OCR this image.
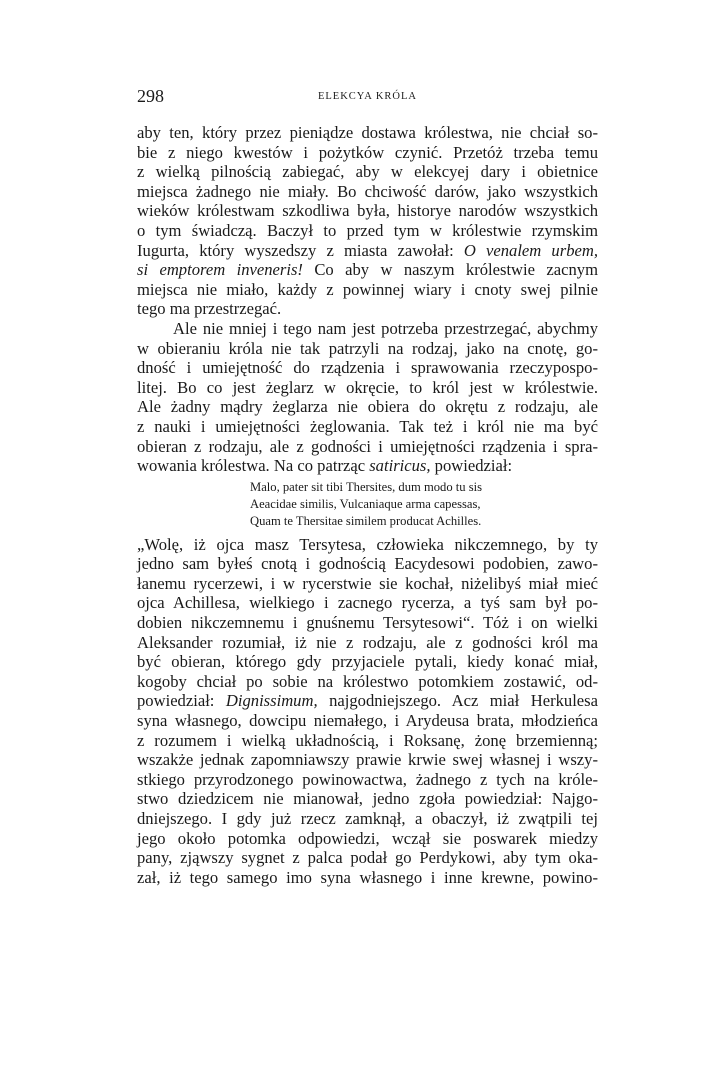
298	ELEKCYA KRÓLA
aby ten, który przez pieniądze dostawa królestwa, nie chciał so-
bie z niego kwestów i pożytków czynić. Przetóż trzeba temu
z wielką pilnością zabiegać, aby w elekcyej dary i obietnice
miejsca żadnego nie miały. Bo chciwość darów, jako wszystkich
wieków królestwam szkodliwa była, historye narodów wszystkich
o tym świadczą. Baczył to przed tym w królestwie rzymskim
Iugurta, który wyszedszy z miasta zawołał: O venalem urbem,
si emptorem inveneris! Co aby w naszym królestwie zacnym
miejsca nie miało, każdy z powinnej wiary i cnoty swej pilnie
tego ma przestrzegać.
Ale nie mniej i tego nam jest potrzeba przestrzegać, abychmy
w obieraniu króla nie tak patrzyli na rodzaj, jako na cnotę, go-
dność i umiejętność do rządzenia i sprawowania rzeczypospo-
litej. Bo co jest żeglarz w okręcie, to król jest w królestwie.
Ale żadny mądry żeglarza nie obiera do okrętu z rodzaju, ale
z nauki i umiejętności żeglowania. Tak też i król nie ma być
obieran z rodzaju, ale z godności i umiejętności rządzenia i spra-
wowania królestwa. Na co patrząc satiricus, powiedział:
Malo, pater sit tibi Thersites, dum modo tu sis
Aeacidae similis, Vulcaniaque arma capessas,
Quam te Thersitae similem producat Achilles.
„Wolę, iż ojca masz Tersytesa, człowieka nikczemnego, by ty
jedno sam byłeś cnotą i godnością Eacydesowi podobien, zawo-
łanemu rycerzewi, i w rycerstwie sie kochał, niżelibyś miał mieć
ojca Achillesa, wielkiego i zacnego rycerza, a tyś sam był po-
dobien nikczemnemu i gnuśnemu Tersytesowi“. Tóż i on wielki
Aleksander rozumiał, iż nie z rodzaju, ale z godności król ma
być obieran, którego gdy przyjaciele pytali, kiedy konać miał,
kogoby chciał po sobie na królestwo potomkiem zostawić, od-
powiedział: Dignissimum, najgodniejszego. Acz miał Herkulesa
syna własnego, dowcipu niemałego, i Arydeusa brata, młodzieńca
z rozumem i wielką układnością, i Roksanę, żonę brzemienną;
wszakże jednak zapomniawszy prawie krwie swej własnej i wszy-
stkiego przyrodzonego powinowactwa, żadnego z tych na króle-
stwo dziedzicem nie mianował, jedno zgoła powiedział: Najgo-
dniejszego. I gdy już rzecz zamknął, a obaczył, iż zwątpili tej
jego około potomka odpowiedzi, wczął sie poswarek miedzy
pany, zjąwszy sygnet z palca podał go Perdykowi, aby tym oka-
zał, iż tego samego imo syna własnego i inne krewne, powino-
